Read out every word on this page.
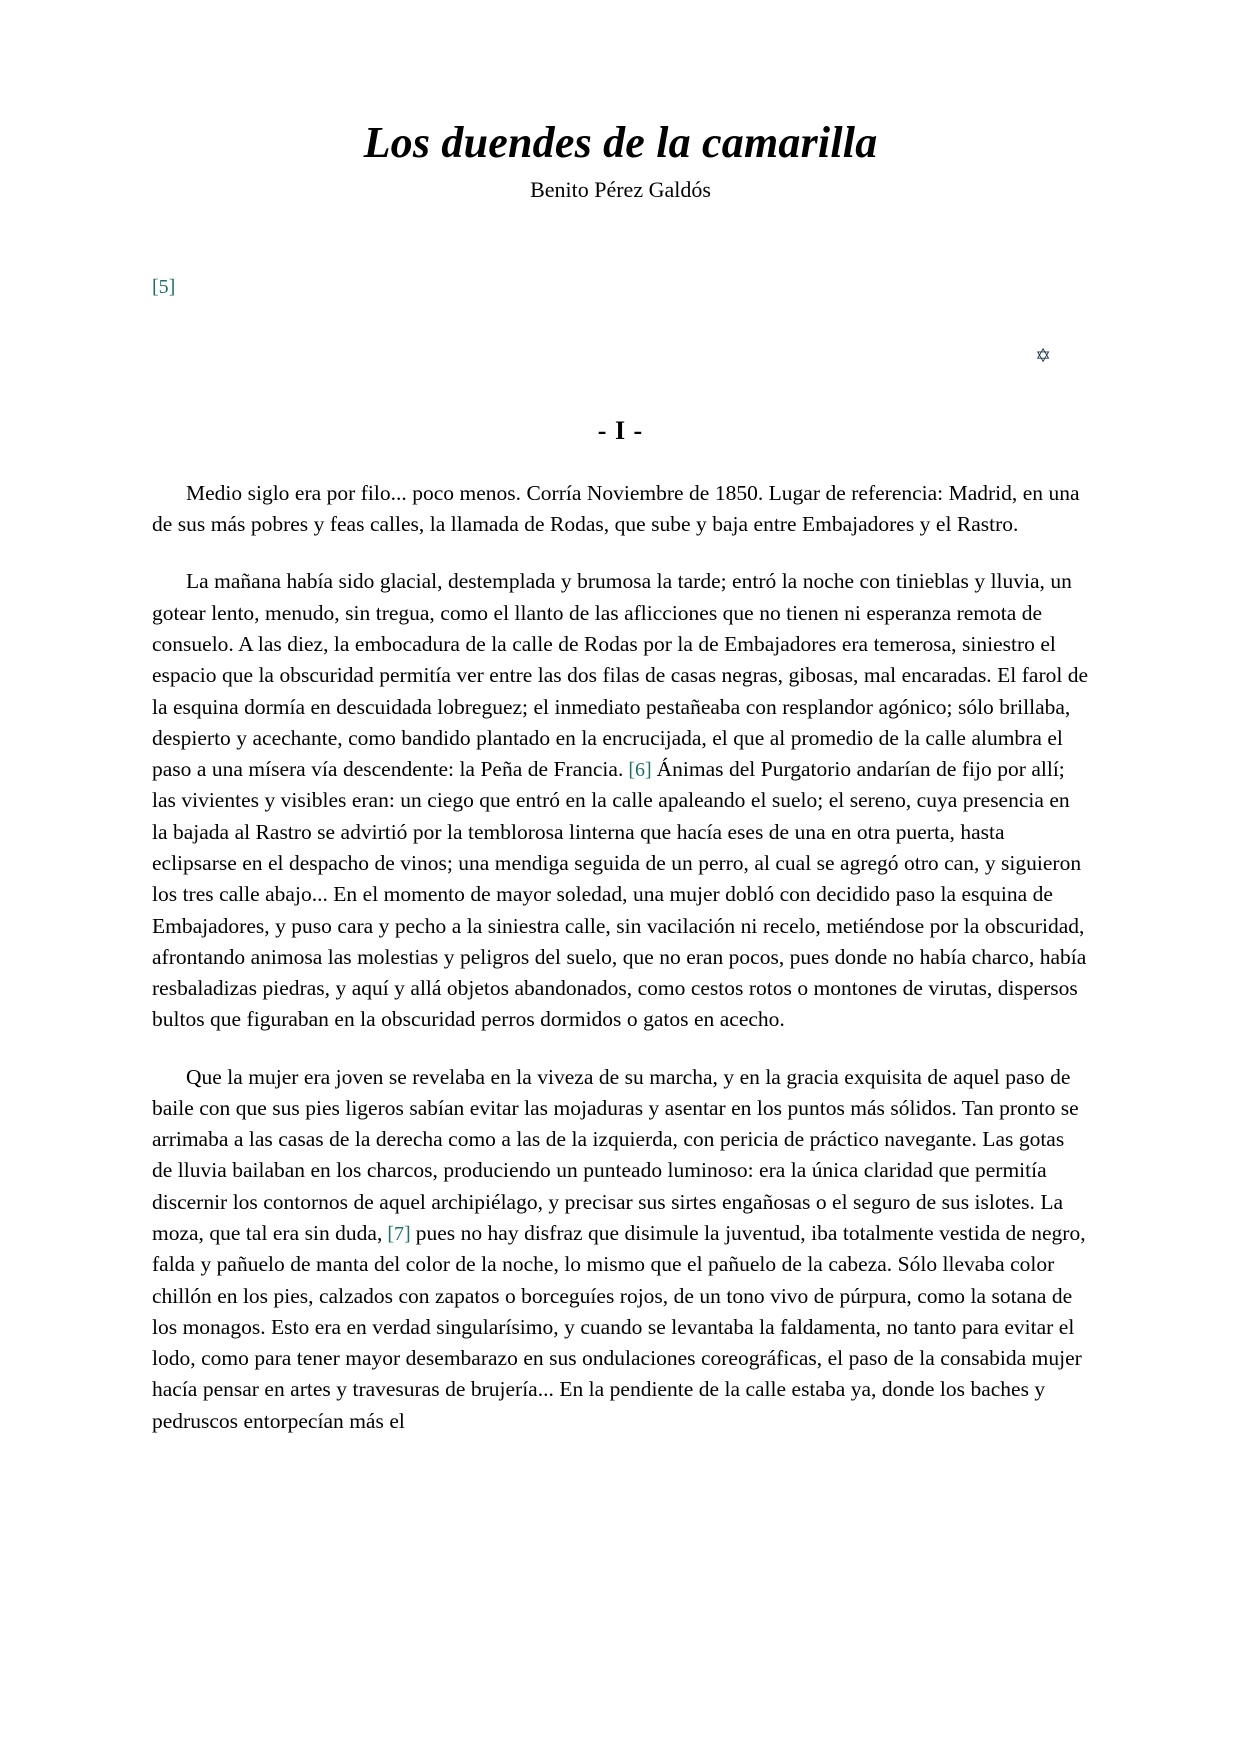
Los duendes de la camarilla
Benito Pérez Galdós
[5]
✡
- I -

Medio siglo era por filo... poco menos. Corría Noviembre de 1850. Lugar de referencia: Madrid, en una de sus más pobres y feas calles, la llamada de Rodas, que sube y baja entre Embajadores y el Rastro.

La mañana había sido glacial, destemplada y brumosa la tarde; entró la noche con tinieblas y lluvia, un gotear lento, menudo, sin tregua, como el llanto de las aflicciones que no tienen ni esperanza remota de consuelo. A las diez, la embocadura de la calle de Rodas por la de Embajadores era temerosa, siniestro el espacio que la obscuridad permitía ver entre las dos filas de casas negras, gibosas, mal encaradas. El farol de la esquina dormía en descuidada lobreguez; el inmediato pestañeaba con resplandor agónico; sólo brillaba, despierto y acechante, como bandido plantado en la encrucijada, el que al promedio de la calle alumbra el paso a una mísera vía descendente: la Peña de Francia. [6] Ánimas del Purgatorio andarían de fijo por allí; las vivientes y visibles eran: un ciego que entró en la calle apaleando el suelo; el sereno, cuya presencia en la bajada al Rastro se advirtió por la temblorosa linterna que hacía eses de una en otra puerta, hasta eclipsarse en el despacho de vinos; una mendiga seguida de un perro, al cual se agregó otro can, y siguieron los tres calle abajo... En el momento de mayor soledad, una mujer dobló con decidido paso la esquina de Embajadores, y puso cara y pecho a la siniestra calle, sin vacilación ni recelo, metiéndose por la obscuridad, afrontando animosa las molestias y peligros del suelo, que no eran pocos, pues donde no había charco, había resbaladizas piedras, y aquí y allá objetos abandonados, como cestos rotos o montones de virutas, dispersos bultos que figuraban en la obscuridad perros dormidos o gatos en acecho.

Que la mujer era joven se revelaba en la viveza de su marcha, y en la gracia exquisita de aquel paso de baile con que sus pies ligeros sabían evitar las mojaduras y asentar en los puntos más sólidos. Tan pronto se arrimaba a las casas de la derecha como a las de la izquierda, con pericia de práctico navegante. Las gotas de lluvia bailaban en los charcos, produciendo un punteado luminoso: era la única claridad que permitía discernir los contornos de aquel archipiélago, y precisar sus sirtes engañosas o el seguro de sus islotes. La moza, que tal era sin duda, [7] pues no hay disfraz que disimule la juventud, iba totalmente vestida de negro, falda y pañuelo de manta del color de la noche, lo mismo que el pañuelo de la cabeza. Sólo llevaba color chillón en los pies, calzados con zapatos o borceguíes rojos, de un tono vivo de púrpura, como la sotana de los monagos. Esto era en verdad singularísimo, y cuando se levantaba la faldamenta, no tanto para evitar el lodo, como para tener mayor desembarazo en sus ondulaciones coreográficas, el paso de la consabida mujer hacía pensar en artes y travesuras de brujería... En la pendiente de la calle estaba ya, donde los baches y pedruscos entorpecían más el
